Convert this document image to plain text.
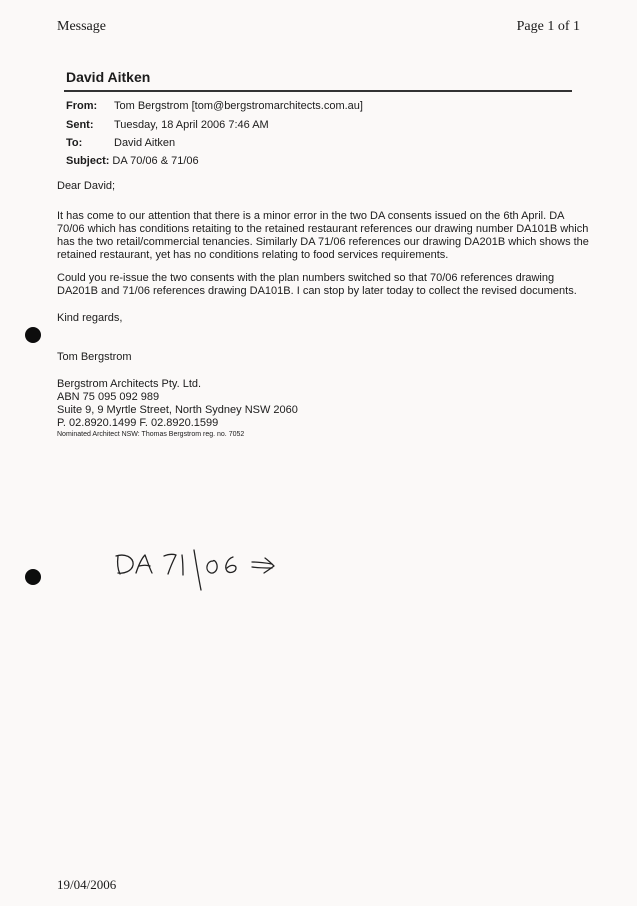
Message	Page 1 of 1
David Aitken
From: Tom Bergstrom [tom@bergstromarchitects.com.au]
Sent: Tuesday, 18 April 2006 7:46 AM
To:	David Aitken
Subject: DA 70/06 & 71/06
Dear David;
It has come to our attention that there is a minor error in the two DA consents issued on the 6th April. DA
70/06 which has conditions retaiting to the retained restaurant references our drawing number DA101B which
has the two retail/commercial tenancies. Similarly DA 71/06 references our drawing DA201B which shows the
retained restaurant, yet has no conditions relating to food services requirements.
Could you re-issue the two consents with the plan numbers switched so that 70/06 references drawing
DA201B and 71/06 references drawing DA101B. I can stop by later today to collect the revised documents.
Kind regards,
Tom Bergstrom
Bergstrom Architects Pty. Ltd.
ABN 75 095 092 989
Suite 9, 9 Myrtle Street, North Sydney NSW 2060
P. 02.8920.1499 F. 02.8920.1599
Nominated Architect NSW: Thomas Bergstrom reg. no. 7052
19/04/2006
